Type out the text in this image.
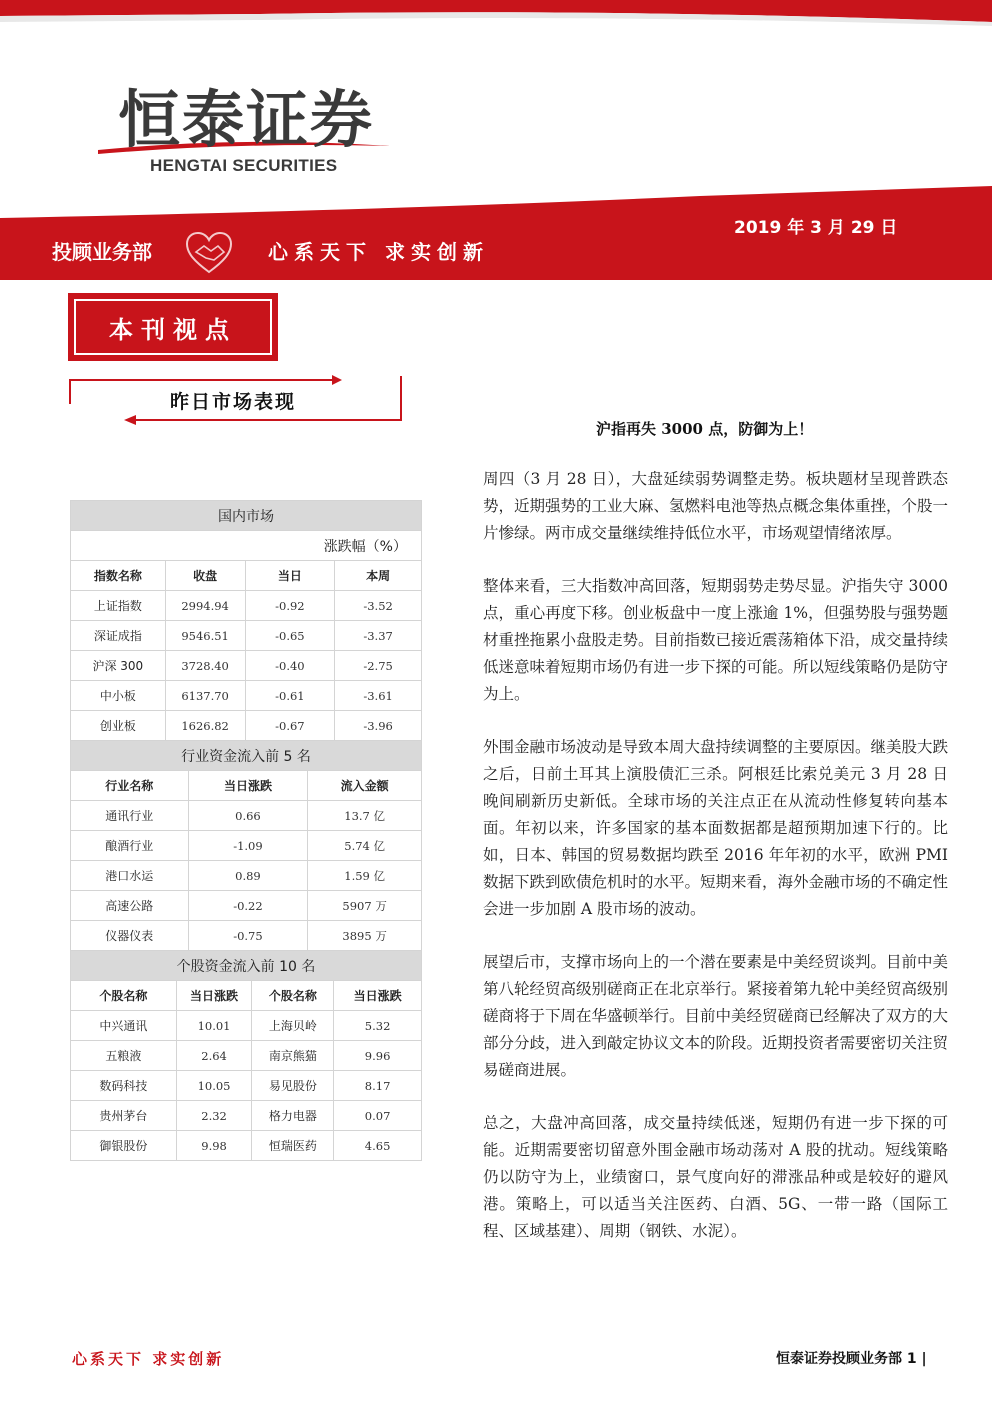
恒泰证券
HENGTAI SECURITIES
2019 年 3 月 29 日
投顾业务部	心系天下 求实创新
本刊视点
昨日市场表现
国内市场			
涨跌幅（%）			
指数名称	收盘	当日	本周
上证指数	2994.94	-0.92	-3.52
深证成指	9546.51	-0.65	-3.37
沪深 300	3728.40	-0.40	-2.75
中小板	6137.70	-0.61	-3.61
创业板	1626.82	-0.67	-3.96
行业资金流入前 5 名		
行业名称	当日涨跌	流入金额
通讯行业	0.66	13.7 亿
酿酒行业	-1.09	5.74 亿
港口水运	0.89	1.59 亿
高速公路	-0.22	5907 万
仪器仪表	-0.75	3895 万
个股资金流入前 10 名			
个股名称	当日涨跌	个股名称	当日涨跌
中兴通讯	10.01	上海贝岭	5.32
五粮液	2.64	南京熊猫	9.96
数码科技	10.05	易见股份	8.17
贵州茅台	2.32	格力电器	0.07
御银股份	9.98	恒瑞医药	4.65
沪指再失 3000 点，防御为上！

周四（3 月 28 日），大盘延续弱势调整走势。板块题材呈现普跌态势，近期强势的工业大麻、氢燃料电池等热点概念集体重挫，个股一片惨绿。两市成交量继续维持低位水平，市场观望情绪浓厚。

整体来看，三大指数冲高回落，短期弱势走势尽显。沪指失守 3000 点，重心再度下移。创业板盘中一度上涨逾 1%，但强势股与强势题材重挫拖累小盘股走势。目前指数已接近震荡箱体下沿，成交量持续低迷意味着短期市场仍有进一步下探的可能。所以短线策略仍是防守为上。

外围金融市场波动是导致本周大盘持续调整的主要原因。继美股大跌之后，日前土耳其上演股债汇三杀。阿根廷比索兑美元 3 月 28 日晚间刷新历史新低。全球市场的关注点正在从流动性修复转向基本面。年初以来，许多国家的基本面数据都是超预期加速下行的。比如，日本、韩国的贸易数据均跌至 2016 年年初的水平，欧洲 PMI 数据下跌到欧债危机时的水平。短期来看，海外金融市场的不确定性会进一步加剧 A 股市场的波动。

展望后市，支撑市场向上的一个潜在要素是中美经贸谈判。目前中美第八轮经贸高级别磋商正在北京举行。紧接着第九轮中美经贸高级别磋商将于下周在华盛顿举行。目前中美经贸磋商已经解决了双方的大部分分歧，进入到敲定协议文本的阶段。近期投资者需要密切关注贸易磋商进展。

总之，大盘冲高回落，成交量持续低迷，短期仍有进一步下探的可能。近期需要密切留意外围金融市场动荡对 A 股的扰动。短线策略仍以防守为上，业绩窗口，景气度向好的滞涨品种或是较好的避风港。策略上，可以适当关注医药、白酒、5G、一带一路（国际工程、区域基建）、周期（钢铁、水泥）。

心系天下 求实创新	恒泰证券投顾业务部 1 |
